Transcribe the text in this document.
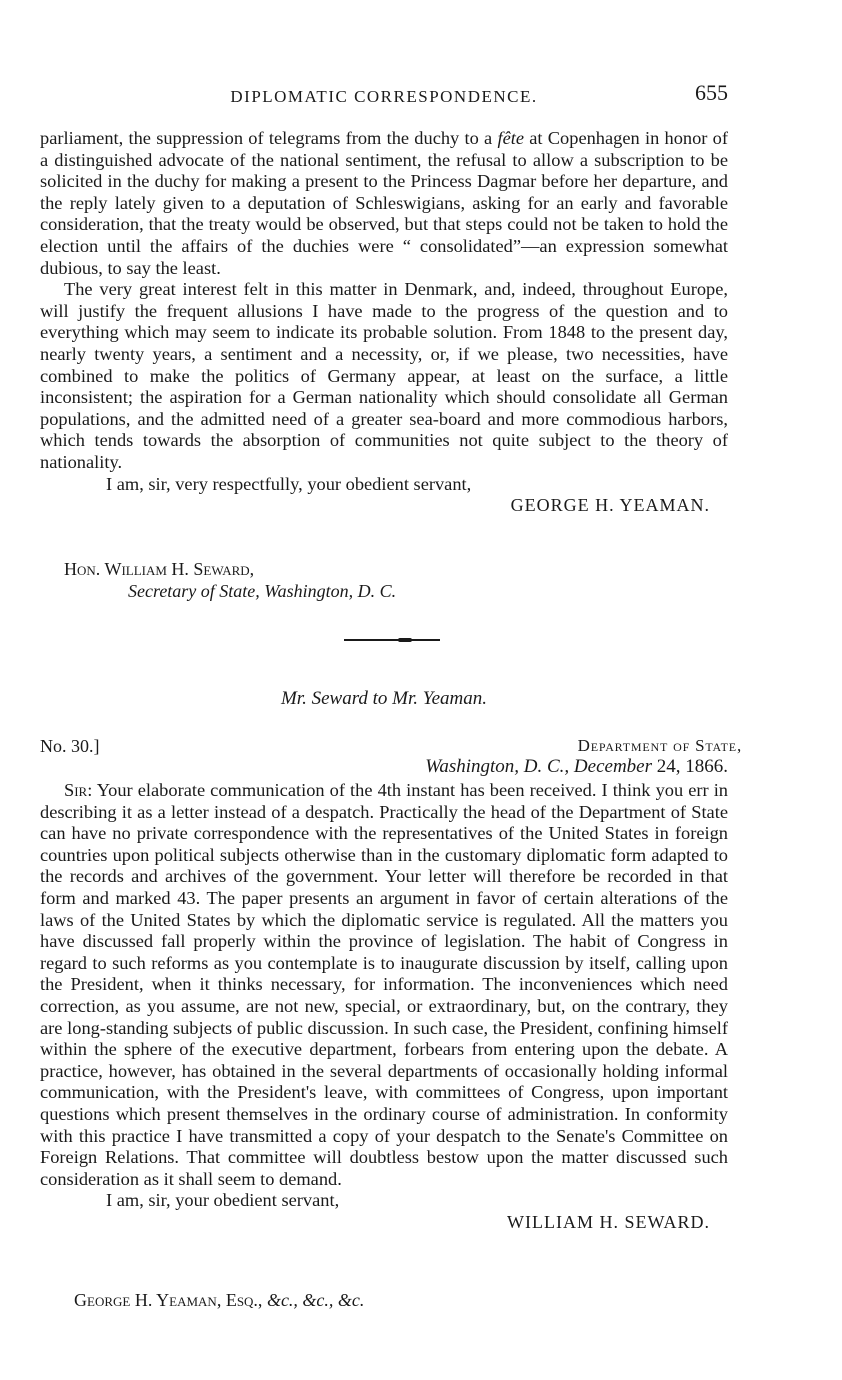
DIPLOMATIC CORRESPONDENCE.	655

parliament, the suppression of telegrams from the duchy to a fête at Copenhagen in honor of a distinguished advocate of the national sentiment, the refusal to allow a subscription to be solicited in the duchy for making a present to the Princess Dagmar before her departure, and the reply lately given to a deputation of Schleswigians, asking for an early and favorable consideration, that the treaty would be observed, but that steps could not be taken to hold the election until the affairs of the duchies were “ consolidated”—an expression somewhat dubious, to say the least.

The very great interest felt in this matter in Denmark, and, indeed, throughout Europe, will justify the frequent allusions I have made to the progress of the question and to everything which may seem to indicate its probable solution. From 1848 to the present day, nearly twenty years, a sentiment and a necessity, or, if we please, two necessities, have combined to make the politics of Germany appear, at least on the surface, a little inconsistent; the aspiration for a German nationality which should consolidate all German populations, and the admitted need of a greater sea-board and more commodious harbors, which tends towards the absorption of communities not quite subject to the theory of nationality.

I am, sir, very respectfully, your obedient servant,

GEORGE H. YEAMAN.

Hon. William H. Seward,
Secretary of State, Washington, D. C.
Mr. Seward to Mr. Yeaman.
No. 30.]	Department of State,
Washington, D. C., December 24, 1866.

Sir: Your elaborate communication of the 4th instant has been received. I think you err in describing it as a letter instead of a despatch. Practically the head of the Department of State can have no private correspondence with the representatives of the United States in foreign countries upon political subjects otherwise than in the customary diplomatic form adapted to the records and archives of the government. Your letter will therefore be recorded in that form and marked 43. The paper presents an argument in favor of certain alterations of the laws of the United States by which the diplomatic service is regulated. All the matters you have discussed fall properly within the province of legislation. The habit of Congress in regard to such reforms as you contemplate is to inaugurate discussion by itself, calling upon the President, when it thinks necessary, for information. The inconveniences which need correction, as you assume, are not new, special, or extraordinary, but, on the contrary, they are long-standing subjects of public discussion. In such case, the President, confining himself within the sphere of the executive department, forbears from entering upon the debate. A practice, however, has obtained in the several departments of occasionally holding informal communication, with the President's leave, with committees of Congress, upon important questions which present themselves in the ordinary course of administration. In conformity with this practice I have transmitted a copy of your despatch to the Senate's Committee on Foreign Relations. That committee will doubtless bestow upon the matter discussed such consideration as it shall seem to demand.

I am, sir, your obedient servant,

WILLIAM H. SEWARD.

George H. Yeaman, Esq., &c., &c., &c.
